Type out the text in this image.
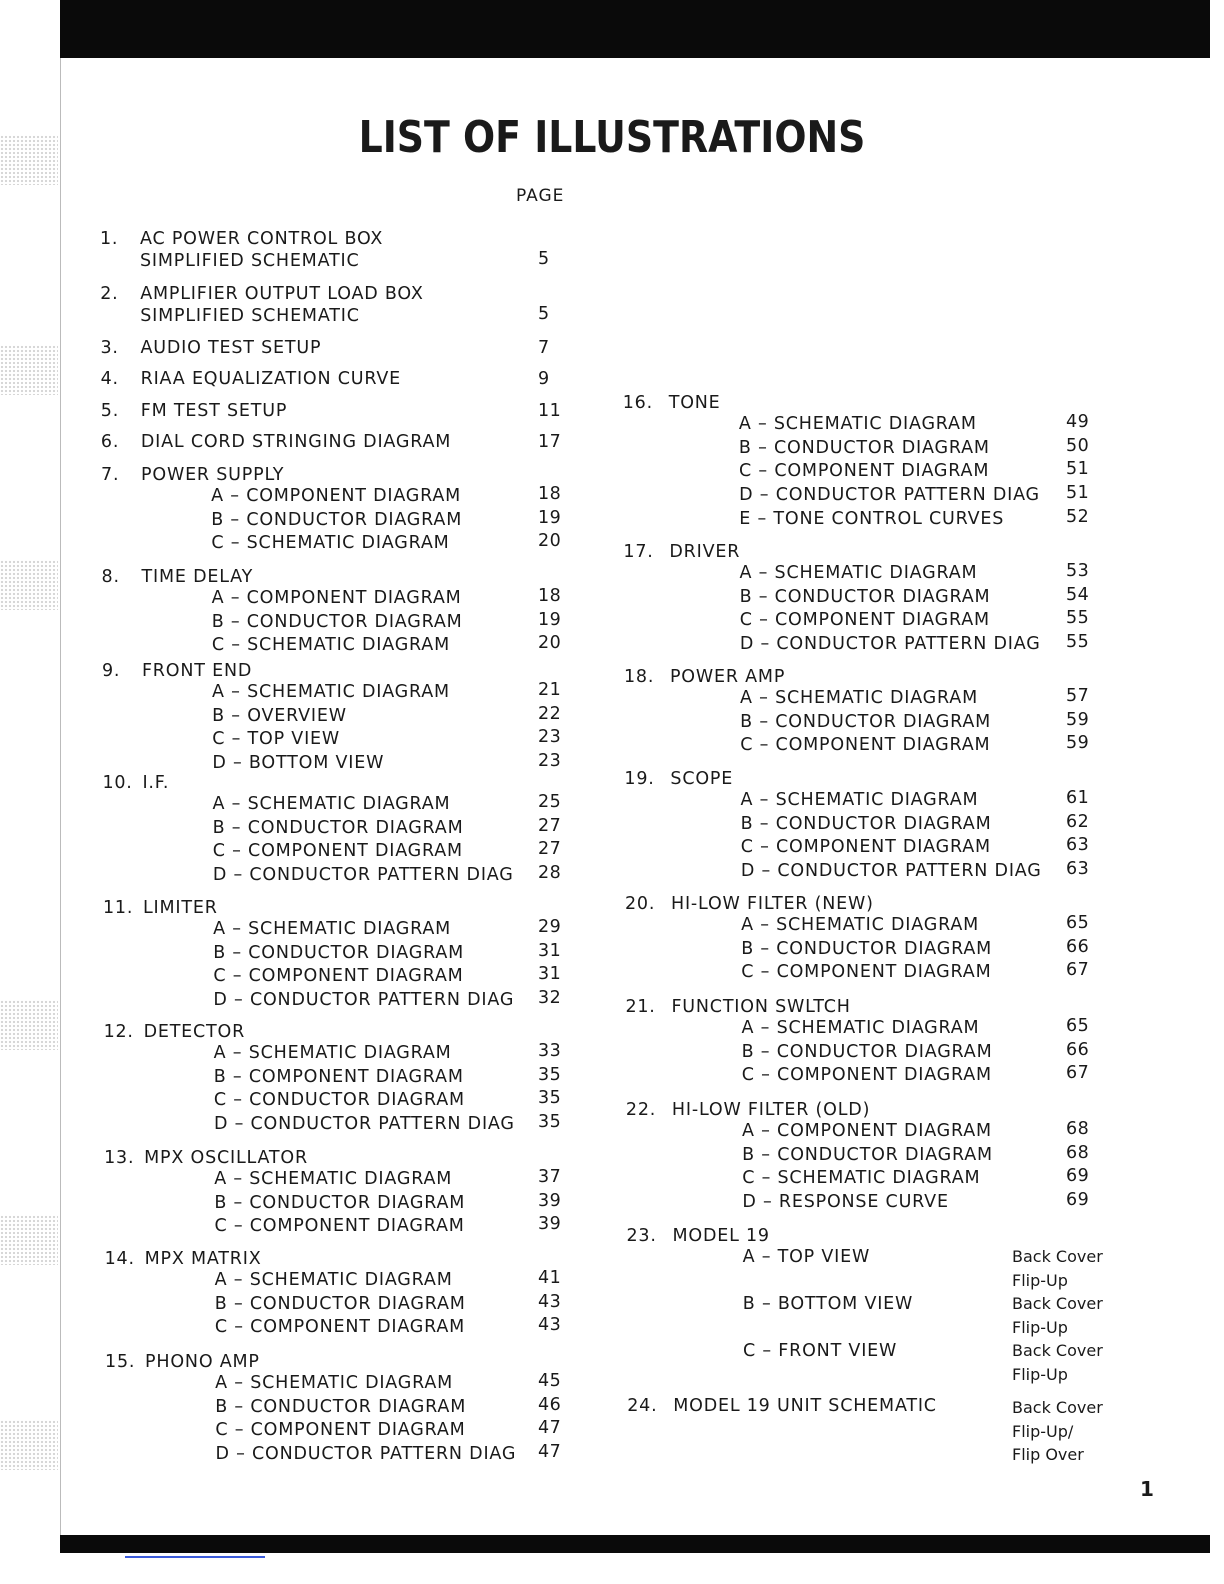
LIST OF ILLUSTRATIONS
PAGE
1. AC POWER CONTROL BOX
SIMPLIFIED SCHEMATIC	5
2. AMPLIFIER OUTPUT LOAD BOX
SIMPLIFIED SCHEMATIC	5
3. AUDIO TEST SETUP	7
4. RIAA EQUALIZATION CURVE	9
5. FM TEST SETUP	11
6. DIAL CORD STRINGING DIAGRAM	17
7. POWER SUPPLY
A – COMPONENT DIAGRAM	18
B – CONDUCTOR DIAGRAM	19
C – SCHEMATIC DIAGRAM	20
8. TIME DELAY
A – COMPONENT DIAGRAM	18
B – CONDUCTOR DIAGRAM	19
C – SCHEMATIC DIAGRAM	20
9. FRONT END
A – SCHEMATIC DIAGRAM	21
B – OVERVIEW	22
C – TOP VIEW	23
D – BOTTOM VIEW	23
10. I.F.
A – SCHEMATIC DIAGRAM	25
B – CONDUCTOR DIAGRAM	27
C – COMPONENT DIAGRAM	27
D – CONDUCTOR PATTERN DIAG 28
11. LIMITER
A – SCHEMATIC DIAGRAM	29
B – CONDUCTOR DIAGRAM	31
C – COMPONENT DIAGRAM	31
D – CONDUCTOR PATTERN DIAG 32
12. DETECTOR
A – SCHEMATIC DIAGRAM	33
B – COMPONENT DIAGRAM	35
C – CONDUCTOR DIAGRAM	35
D – CONDUCTOR PATTERN DIAG 35
13. MPX OSCILLATOR
A – SCHEMATIC DIAGRAM	37
B – CONDUCTOR DIAGRAM	39
C – COMPONENT DIAGRAM	39
14. MPX MATRIX
A – SCHEMATIC DIAGRAM	41
B – CONDUCTOR DIAGRAM	43
C – COMPONENT DIAGRAM	43
15. PHONO AMP
A – SCHEMATIC DIAGRAM	45
B – CONDUCTOR DIAGRAM	46
C – COMPONENT DIAGRAM	47
D – CONDUCTOR PATTERN DIAG 47
16. TONE
A – SCHEMATIC DIAGRAM	49
B – CONDUCTOR DIAGRAM	50
C – COMPONENT DIAGRAM	51
D – CONDUCTOR PATTERN DIAG 51
E – TONE CONTROL CURVES	52
17. DRIVER
A – SCHEMATIC DIAGRAM	53
B – CONDUCTOR DIAGRAM	54
C – COMPONENT DIAGRAM	55
D – CONDUCTOR PATTERN DIAG 55
18. POWER AMP
A – SCHEMATIC DIAGRAM	57
B – CONDUCTOR DIAGRAM	59
C – COMPONENT DIAGRAM	59
19. SCOPE
A – SCHEMATIC DIAGRAM	61
B – CONDUCTOR DIAGRAM	62
C – COMPONENT DIAGRAM	63
D – CONDUCTOR PATTERN DIAG 63
20. HI-LOW FILTER (NEW)
A – SCHEMATIC DIAGRAM	65
B – CONDUCTOR DIAGRAM	66
C – COMPONENT DIAGRAM	67
21. FUNCTION SWLTCH
A – SCHEMATIC DIAGRAM	65
B – CONDUCTOR DIAGRAM	66
C – COMPONENT DIAGRAM	67
22. HI-LOW FILTER (OLD)
A – COMPONENT DIAGRAM	68
B – CONDUCTOR DIAGRAM	68
C – SCHEMATIC DIAGRAM	69
D – RESPONSE CURVE	69
23. MODEL 19
A – TOP VIEW	Back Cover
Flip-Up
B – BOTTOM VIEW	Back Cover
Flip-Up
C – FRONT VIEW	Back Cover
Flip-Up
24. MODEL 19 UNIT SCHEMATIC	Back Cover
Flip-Up/
Flip Over
1
